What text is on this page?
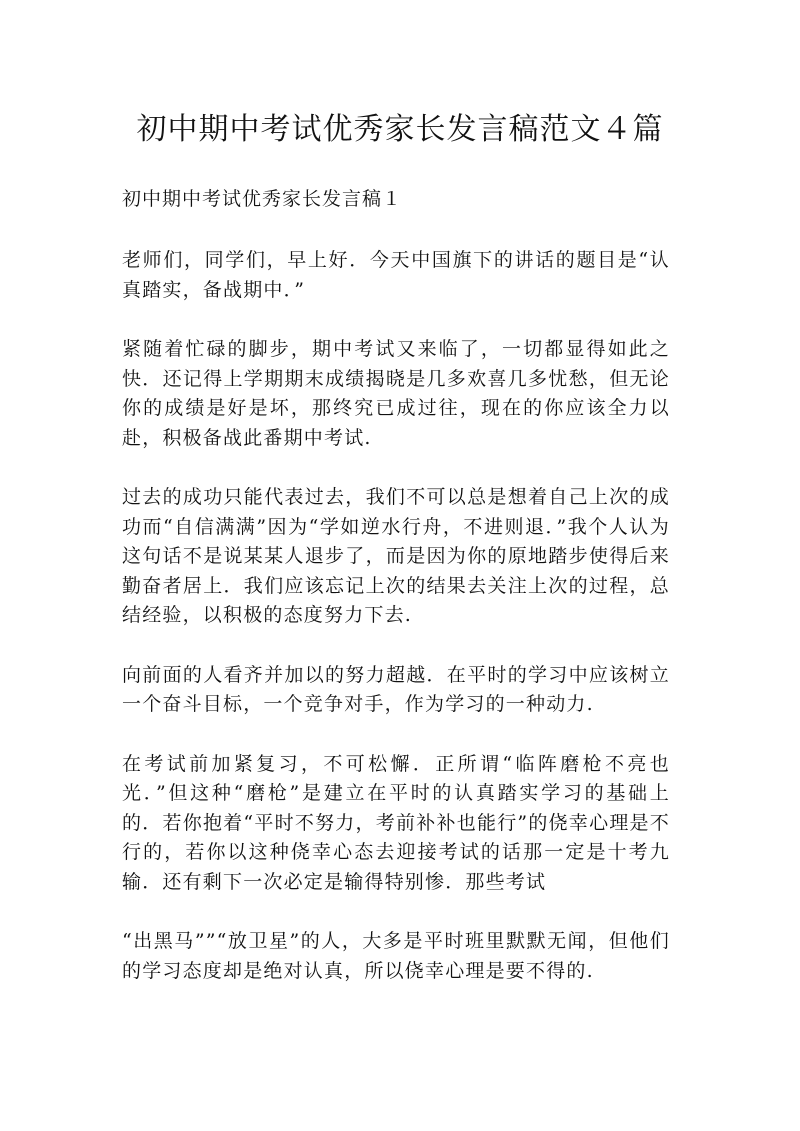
初中期中考试优秀家长发言稿范文４篇

初中期中考试优秀家长发言稿１

老师们，同学们，早上好．今天中国旗下的讲话的题目是“认真踏实，备战期中．”

紧随着忙碌的脚步，期中考试又来临了，一切都显得如此之快．还记得上学期期末成绩揭晓是几多欢喜几多忧愁，但无论你的成绩是好是坏，那终究已成过往，现在的你应该全力以赴，积极备战此番期中考试.

过去的成功只能代表过去，我们不可以总是想着自己上次的成功而“自信满满”因为“学如逆水行舟，不进则退．”我个人认为这句话不是说某某人退步了，而是因为你的原地踏步使得后来勤奋者居上．我们应该忘记上次的结果去关注上次的过程，总结经验，以积极的态度努力下去.

向前面的人看齐并加以的努力超越．在平时的学习中应该树立一个奋斗目标，一个竞争对手，作为学习的一种动力.

在考试前加紧复习，不可松懈．正所谓“临阵磨枪不亮也光．”但这种“磨枪”是建立在平时的认真踏实学习的基础上的．若你抱着“平时不努力，考前补补也能行”的侥幸心理是不行的，若你以这种侥幸心态去迎接考试的话那一定是十考九输．还有剩下一次必定是输得特别惨．那些考试

“出黑马””“放卫星”的人，大多是平时班里默默无闻，但他们的学习态度却是绝对认真，所以侥幸心理是要不得的.
